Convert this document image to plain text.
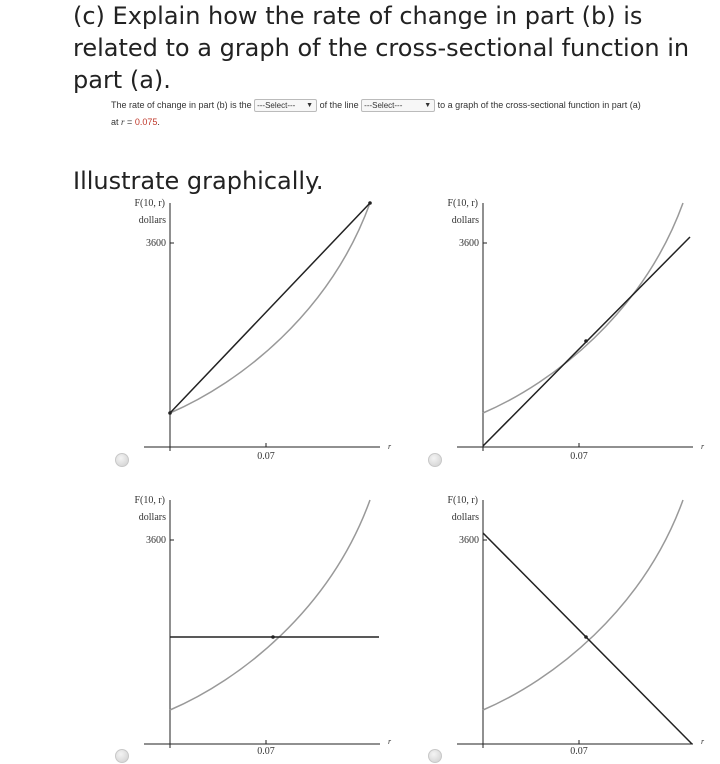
(c) Explain how the rate of change in part (b) is related to a graph of the cross-sectional function in part (a).
The rate of change in part (b) is the ---Select--- ▼ of the line ---Select---	▼ to a graph of the cross-sectional function in part (a)
at r = 0.075.
Illustrate graphically.
F(10, r)
dollars
3600
0.07
r
F(10, r)
dollars
3600
0.07
r
F(10, r)
dollars
3600
0.07
r
F(10, r)
dollars
3600
0.07
r
